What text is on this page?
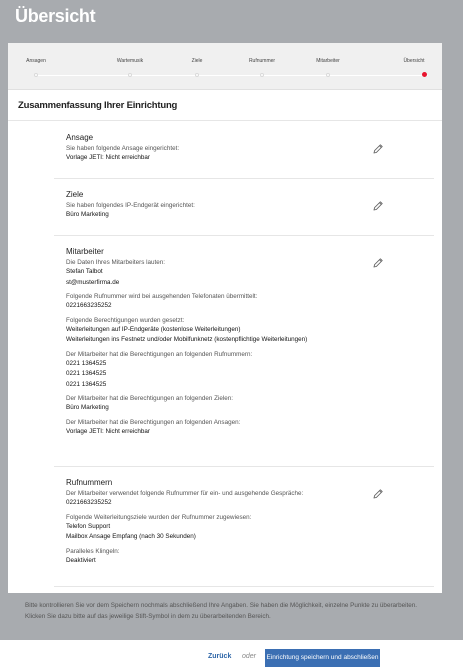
Übersicht
Ansagen	Wartemusik	Ziele	Rufnummer	Mitarbeiter	Übersicht
Zusammenfassung Ihrer Einrichtung
Ansage
Sie haben folgende Ansage eingerichtet:
Vorlage JETI: Nicht erreichbar
Ziele
Sie haben folgendes IP-Endgerät eingerichtet:
Büro Marketing
Mitarbeiter
Die Daten Ihres Mitarbeiters lauten:
Stefan Talbot
st@musterfirma.de
Folgende Rufnummer wird bei ausgehenden Telefonaten übermittelt:
0221663235252
Folgende Berechtigungen wurden gesetzt:
Weiterleitungen auf IP-Endgeräte (kostenlose Weiterleitungen)
Weiterleitungen ins Festnetz und/oder Mobilfunknetz (kostenpflichtige Weiterleitungen)
Der Mitarbeiter hat die Berechtigungen an folgenden Rufnummern:
0221 1364525
0221 1364525
0221 1364525
Der Mitarbeiter hat die Berechtigungen an folgenden Zielen:
Büro Marketing
Der Mitarbeiter hat die Berechtigungen an folgenden Ansagen:
Vorlage JETI: Nicht erreichbar
Rufnummern
Der Mitarbeiter verwendet folgende Rufnummer für ein- und ausgehende Gespräche:
0221663235252
Folgende Weiterleitungsziele wurden der Rufnummer zugewiesen:
Telefon Support
Mailbox Ansage Empfang (nach 30 Sekunden)
Paralleles Klingeln:
Deaktiviert
Bitte kontrollieren Sie vor dem Speichern nochmals abschließend Ihre Angaben. Sie haben die Möglichkeit, einzelne Punkte zu überarbeiten. Klicken Sie dazu bitte auf das jeweilige Stift-Symbol in dem zu überarbeitenden Bereich.
Zurück oder Einrichtung speichern und abschließen
